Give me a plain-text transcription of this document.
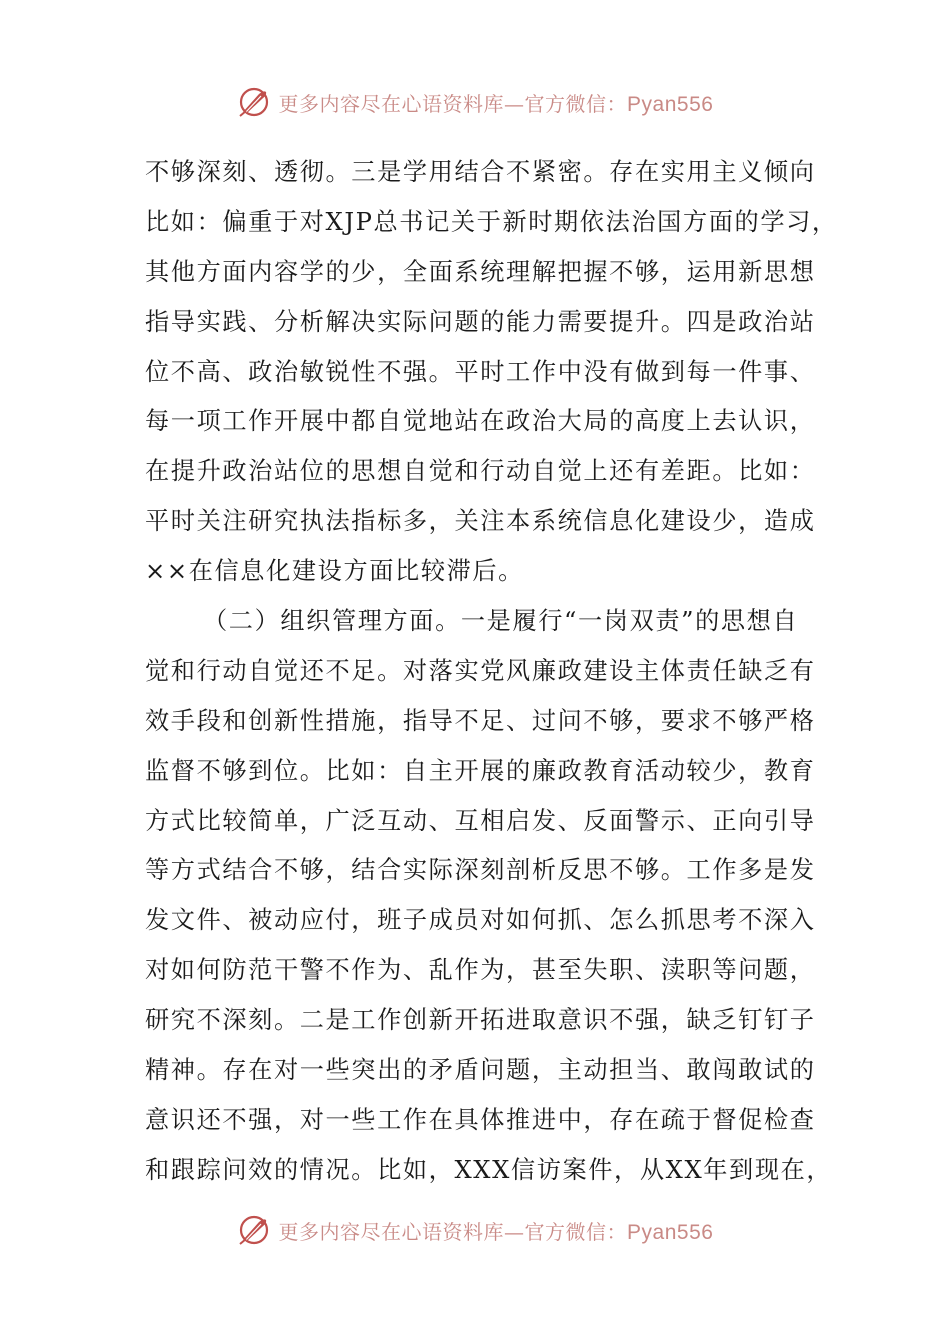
更多内容尽在心语资料库—官方微信：Pyan556
不够深刻、透彻。三是学用结合不紧密。存在实用主义倾向
比如：偏重于对XJP总书记关于新时期依法治国方面的学习，
其他方面内容学的少，全面系统理解把握不够，运用新思想
指导实践、分析解决实际问题的能力需要提升。四是政治站
位不高、政治敏锐性不强。平时工作中没有做到每一件事、
每一项工作开展中都自觉地站在政治大局的高度上去认识，
在提升政治站位的思想自觉和行动自觉上还有差距。比如：
平时关注研究执法指标多，关注本系统信息化建设少，造成
××在信息化建设方面比较滞后。
（二）组织管理方面。一是履行“一岗双责”的思想自
觉和行动自觉还不足。对落实党风廉政建设主体责任缺乏有
效手段和创新性措施，指导不足、过问不够，要求不够严格
监督不够到位。比如：自主开展的廉政教育活动较少，教育
方式比较简单，广泛互动、互相启发、反面警示、正向引导
等方式结合不够，结合实际深刻剖析反思不够。工作多是发
发文件、被动应付，班子成员对如何抓、怎么抓思考不深入
对如何防范干警不作为、乱作为，甚至失职、渎职等问题，
研究不深刻。二是工作创新开拓进取意识不强，缺乏钉钉子
精神。存在对一些突出的矛盾问题，主动担当、敢闯敢试的
意识还不强，对一些工作在具体推进中，存在疏于督促检查
和跟踪问效的情况。比如，XXX信访案件，从XX年到现在，
更多内容尽在心语资料库—官方微信：Pyan556
